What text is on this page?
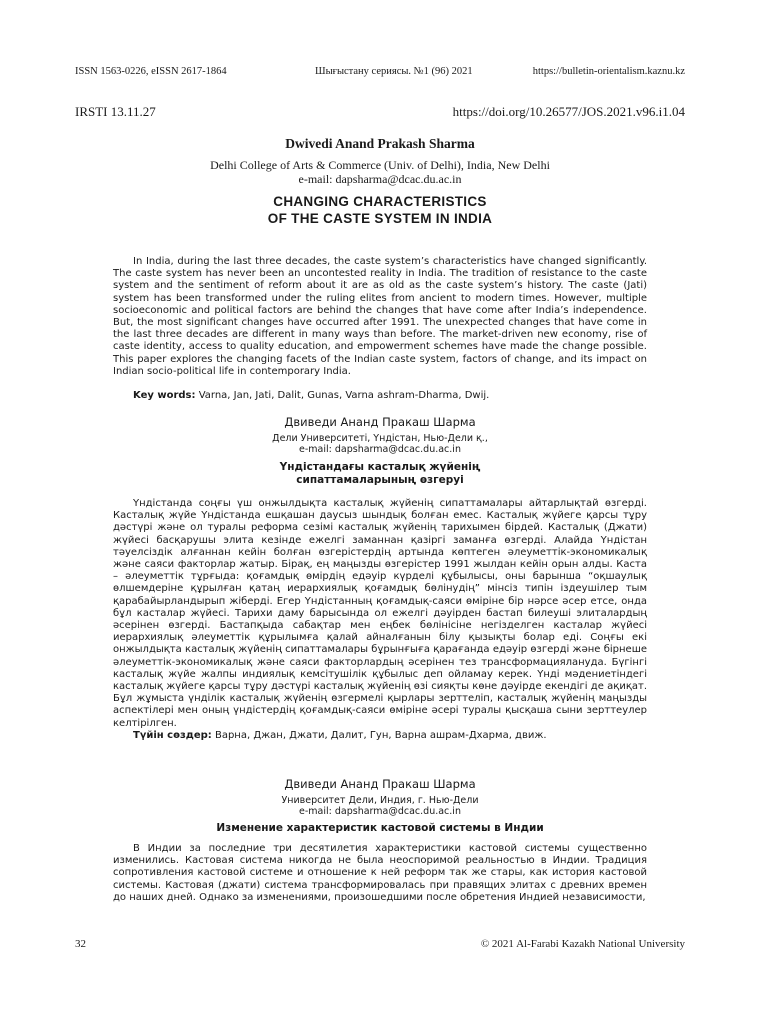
ISSN 1563-0226, eISSN 2617-1864	Шығыстану сериясы. №1 (96) 2021	https://bulletin-orientalism.kaznu.kz
IRSTI 13.11.27	https://doi.org/10.26577/JOS.2021.v96.i1.04
Dwivedi Anand Prakash Sharma
Delhi College of Arts & Commerce (Univ. of Delhi), India, New Delhi
e-mail: dapsharma@dcac.du.ac.in
CHANGING CHARACTERISTICS
OF THE CASTE SYSTEM IN INDIA

In India, during the last three decades, the caste system’s characteristics have changed significantly. The caste system has never been an uncontested reality in India. The tradition of resistance to the caste system and the sentiment of reform about it are as old as the caste system’s history. The caste (Jati) system has been transformed under the ruling elites from ancient to modern times. However, multiple socioeconomic and political factors are behind the changes that have come after India’s independence. But, the most significant changes have occurred after 1991. The unexpected changes that have come in the last three decades are different in many ways than before. The market-driven new economy, rise of caste identity, access to quality education, and empowerment schemes have made the change possible. This paper explores the changing facets of the Indian caste system, factors of change, and its impact on Indian socio-political life in contemporary India.

Key words: Varna, Jan, Jati, Dalit, Gunas, Varna ashram-Dharma, Dwij.

Двиведи Ананд Пракаш Шарма
Дели Университеті, Үндістан, Нью-Дели қ.,
e-mail: dapsharma@dcac.du.ac.in
Үндістандағы касталық жүйенің
сипаттамаларының өзгеруі

Үндістанда соңғы үш онжылдықта касталық жүйенің сипаттамалары айтарлықтай өзгерді. Касталық жүйе Үндістанда ешқашан даусыз шындық болған емес. Касталық жүйеге қарсы тұру дәстүрі және ол туралы реформа сезімі касталық жүйенің тарихымен бірдей. Касталық (Джати) жүйесі басқарушы элита кезінде ежелгі заманнан қазіргі заманға өзгерді. Алайда Үндістан тәуелсіздік алғаннан кейін болған өзгерістердің артында көптеген әлеуметтік-экономикалық және саяси факторлар жатыр. Бірақ, ең маңызды өзгерістер 1991 жылдан кейін орын алды. Каста – әлеуметтік тұрғыда: қоғамдық өмірдің едәуір күрделі құбылысы, оны барынша “оқшаулық өлшемдеріне құрылған қатаң иерархиялық қоғамдық бөлінудің” мінсіз типін іздеушілер тым қарабайырландырып жіберді. Егер Үндістанның қоғамдық-саяси өміріне бір нәрсе әсер етсе, онда бұл касталар жүйесі. Тарихи даму барысында ол ежелгі дәуірден бастап билеуші элиталардың әсерінен өзгерді. Бастапқыда сабақтар мен еңбек бөлінісіне негізделген касталар жүйесі иерархиялық әлеуметтік құрылымға қалай айналғанын білу қызықты болар еді. Соңғы екі онжылдықта касталық жүйенің сипаттамалары бұрынғыға қарағанда едәуір өзгерді және бірнеше әлеуметтік-экономикалық және саяси факторлардың әсерінен тез трансформациялануда. Бүгінгі касталық жүйе жалпы индиялық кемсітушілік құбылыс деп ойламау керек. Үнді мәдениетіндегі касталық жүйеге қарсы тұру дәстүрі касталық жүйенің өзі сияқты көне дәуірде екендігі де ақиқат. Бұл жұмыста үнділік касталық жүйенің өзгермелі қырлары зерттеліп, касталық жүйенің маңызды аспектілері мен оның үндістердің қоғамдық-саяси өміріне әсері туралы қысқаша сыни зерттеулер келтірілген.

Түйін сөздер: Варна, Джан, Джати, Далит, Гун, Варна ашрам-Дхарма, движ.

Двиведи Ананд Пракаш Шарма
Университет Дели, Индия, г. Нью-Дели
e-mail: dapsharma@dcac.du.ac.in
Изменение характеристик кастовой системы в Индии

В Индии за последние три десятилетия характеристики кастовой системы существенно изменились. Кастовая система никогда не была неоспоримой реальностью в Индии. Традиция сопротивления кастовой системе и отношение к ней реформ так же стары, как история кастовой системы. Кастовая (джати) система трансформировалась при правящих элитах с древних времен до наших дней. Однако за изменениями, произошедшими после обретения Индией независимости,

32	© 2021 Al-Farabi Kazakh National University
